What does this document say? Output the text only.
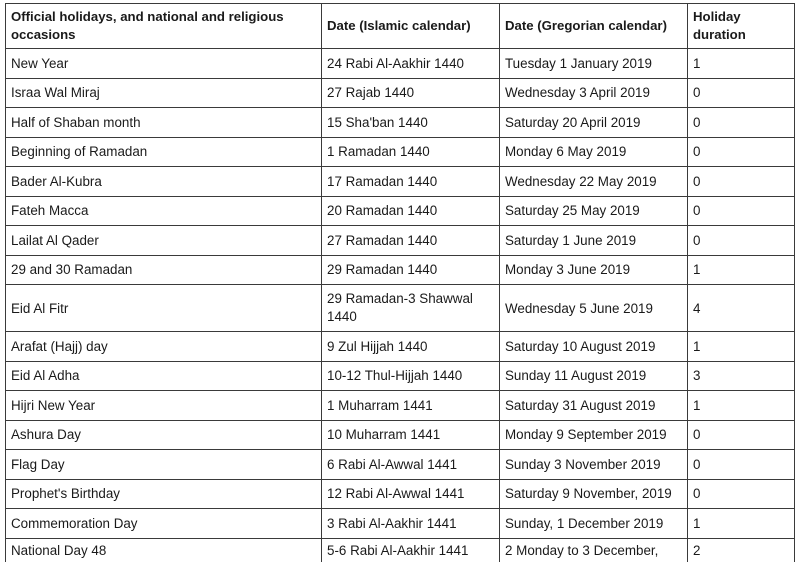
Official holidays, and national and religious occasions	Date (Islamic calendar)	Date (Gregorian calendar)	Holiday duration
New Year	24 Rabi Al-Aakhir 1440	Tuesday 1 January 2019	1
Israa Wal Miraj	27 Rajab 1440	Wednesday 3 April 2019	0
Half of Shaban month	15 Sha'ban 1440	Saturday 20 April 2019	0
Beginning of Ramadan	1 Ramadan 1440	Monday 6 May 2019	0
Bader Al-Kubra	17 Ramadan 1440	Wednesday 22 May 2019	0
Fateh Macca	20 Ramadan 1440	Saturday 25 May 2019	0
Lailat Al Qader	27 Ramadan 1440	Saturday 1 June 2019	0
29 and 30 Ramadan	29 Ramadan 1440	Monday 3 June 2019	1
Eid Al Fitr	29 Ramadan-3 Shawwal 1440	Wednesday 5 June 2019	4
Arafat (Hajj) day	9 Zul Hijjah 1440	Saturday 10 August 2019	1
Eid Al Adha	10-12 Thul-Hijjah 1440	Sunday 11 August 2019	3
Hijri New Year	1 Muharram 1441	Saturday 31 August 2019	1
Ashura Day	10 Muharram 1441	Monday 9 September 2019	0
Flag Day	6 Rabi Al-Awwal 1441	Sunday 3 November 2019	0
Prophet's Birthday	12 Rabi Al-Awwal 1441	Saturday 9 November, 2019	0
Commemoration Day	3 Rabi Al-Aakhir 1441	Sunday, 1 December 2019	1
National Day 48	5-6 Rabi Al-Aakhir 1441	2 Monday to 3 December,	2
